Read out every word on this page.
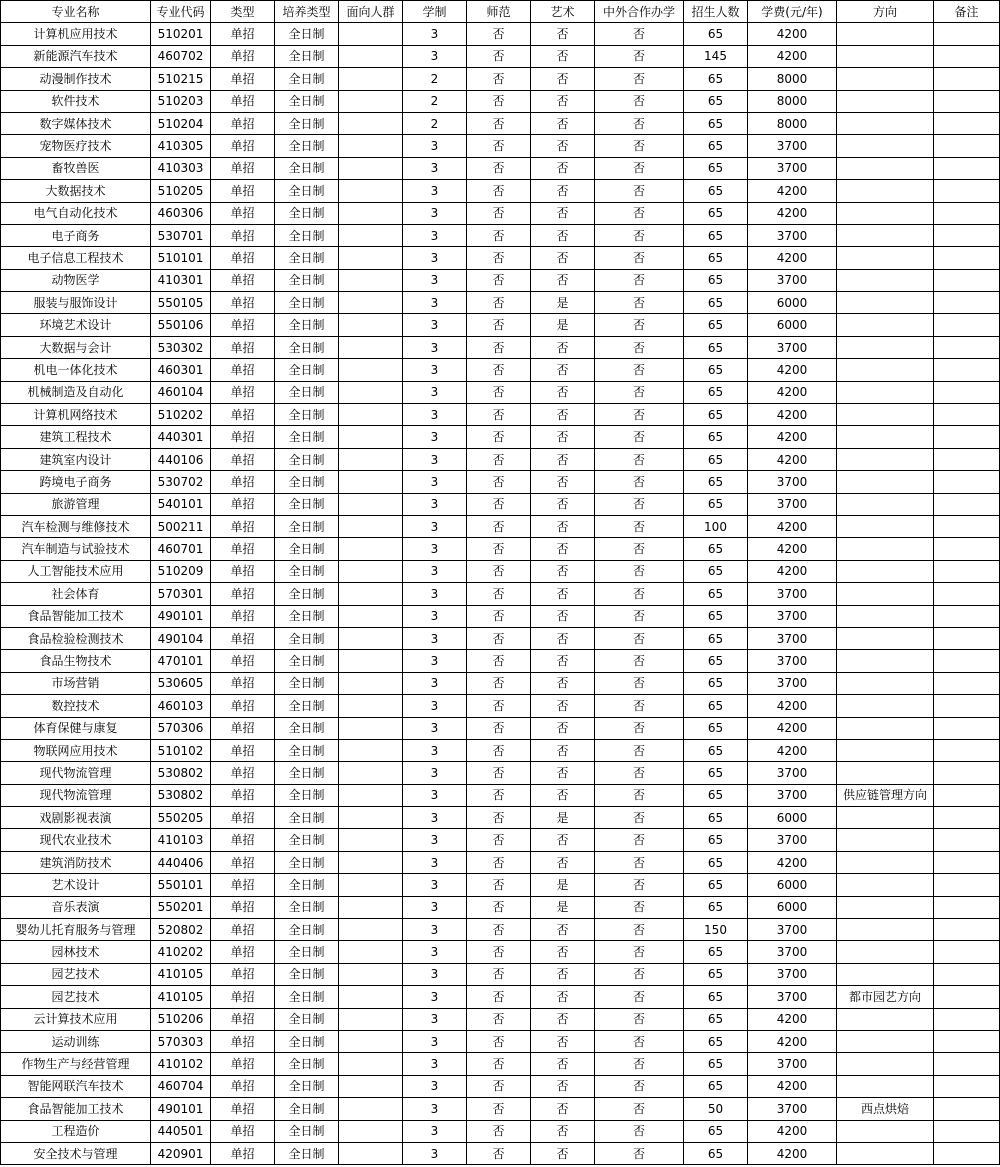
专业名称	专业代码	类型	培养类型	面向人群	学制	师范	艺术	中外合作办学	招生人数	学费(元/年)	方向	备注
计算机应用技术	510201	单招	全日制		3	否	否	否	65	4200		
新能源汽车技术	460702	单招	全日制		3	否	否	否	145	4200		
动漫制作技术	510215	单招	全日制		2	否	否	否	65	8000		
软件技术	510203	单招	全日制		2	否	否	否	65	8000		
数字媒体技术	510204	单招	全日制		2	否	否	否	65	8000		
宠物医疗技术	410305	单招	全日制		3	否	否	否	65	3700		
畜牧兽医	410303	单招	全日制		3	否	否	否	65	3700		
大数据技术	510205	单招	全日制		3	否	否	否	65	4200		
电气自动化技术	460306	单招	全日制		3	否	否	否	65	4200		
电子商务	530701	单招	全日制		3	否	否	否	65	3700		
电子信息工程技术	510101	单招	全日制		3	否	否	否	65	4200		
动物医学	410301	单招	全日制		3	否	否	否	65	3700		
服装与服饰设计	550105	单招	全日制		3	否	是	否	65	6000		
环境艺术设计	550106	单招	全日制		3	否	是	否	65	6000		
大数据与会计	530302	单招	全日制		3	否	否	否	65	3700		
机电一体化技术	460301	单招	全日制		3	否	否	否	65	4200		
机械制造及自动化	460104	单招	全日制		3	否	否	否	65	4200		
计算机网络技术	510202	单招	全日制		3	否	否	否	65	4200		
建筑工程技术	440301	单招	全日制		3	否	否	否	65	4200		
建筑室内设计	440106	单招	全日制		3	否	否	否	65	4200		
跨境电子商务	530702	单招	全日制		3	否	否	否	65	3700		
旅游管理	540101	单招	全日制		3	否	否	否	65	3700		
汽车检测与维修技术	500211	单招	全日制		3	否	否	否	100	4200		
汽车制造与试验技术	460701	单招	全日制		3	否	否	否	65	4200		
人工智能技术应用	510209	单招	全日制		3	否	否	否	65	4200		
社会体育	570301	单招	全日制		3	否	否	否	65	3700		
食品智能加工技术	490101	单招	全日制		3	否	否	否	65	3700		
食品检验检测技术	490104	单招	全日制		3	否	否	否	65	3700		
食品生物技术	470101	单招	全日制		3	否	否	否	65	3700		
市场营销	530605	单招	全日制		3	否	否	否	65	3700		
数控技术	460103	单招	全日制		3	否	否	否	65	4200		
体育保健与康复	570306	单招	全日制		3	否	否	否	65	4200		
物联网应用技术	510102	单招	全日制		3	否	否	否	65	4200		
现代物流管理	530802	单招	全日制		3	否	否	否	65	3700		
现代物流管理	530802	单招	全日制		3	否	否	否	65	3700	供应链管理方向	
戏剧影视表演	550205	单招	全日制		3	否	是	否	65	6000		
现代农业技术	410103	单招	全日制		3	否	否	否	65	3700		
建筑消防技术	440406	单招	全日制		3	否	否	否	65	4200		
艺术设计	550101	单招	全日制		3	否	是	否	65	6000		
音乐表演	550201	单招	全日制		3	否	是	否	65	6000		
婴幼儿托育服务与管理	520802	单招	全日制		3	否	否	否	150	3700		
园林技术	410202	单招	全日制		3	否	否	否	65	3700		
园艺技术	410105	单招	全日制		3	否	否	否	65	3700		
园艺技术	410105	单招	全日制		3	否	否	否	65	3700	都市园艺方向	
云计算技术应用	510206	单招	全日制		3	否	否	否	65	4200		
运动训练	570303	单招	全日制		3	否	否	否	65	4200		
作物生产与经营管理	410102	单招	全日制		3	否	否	否	65	3700		
智能网联汽车技术	460704	单招	全日制		3	否	否	否	65	4200		
食品智能加工技术	490101	单招	全日制		3	否	否	否	50	3700	西点烘焙	
工程造价	440501	单招	全日制		3	否	否	否	65	4200		
安全技术与管理	420901	单招	全日制		3	否	否	否	65	4200		
